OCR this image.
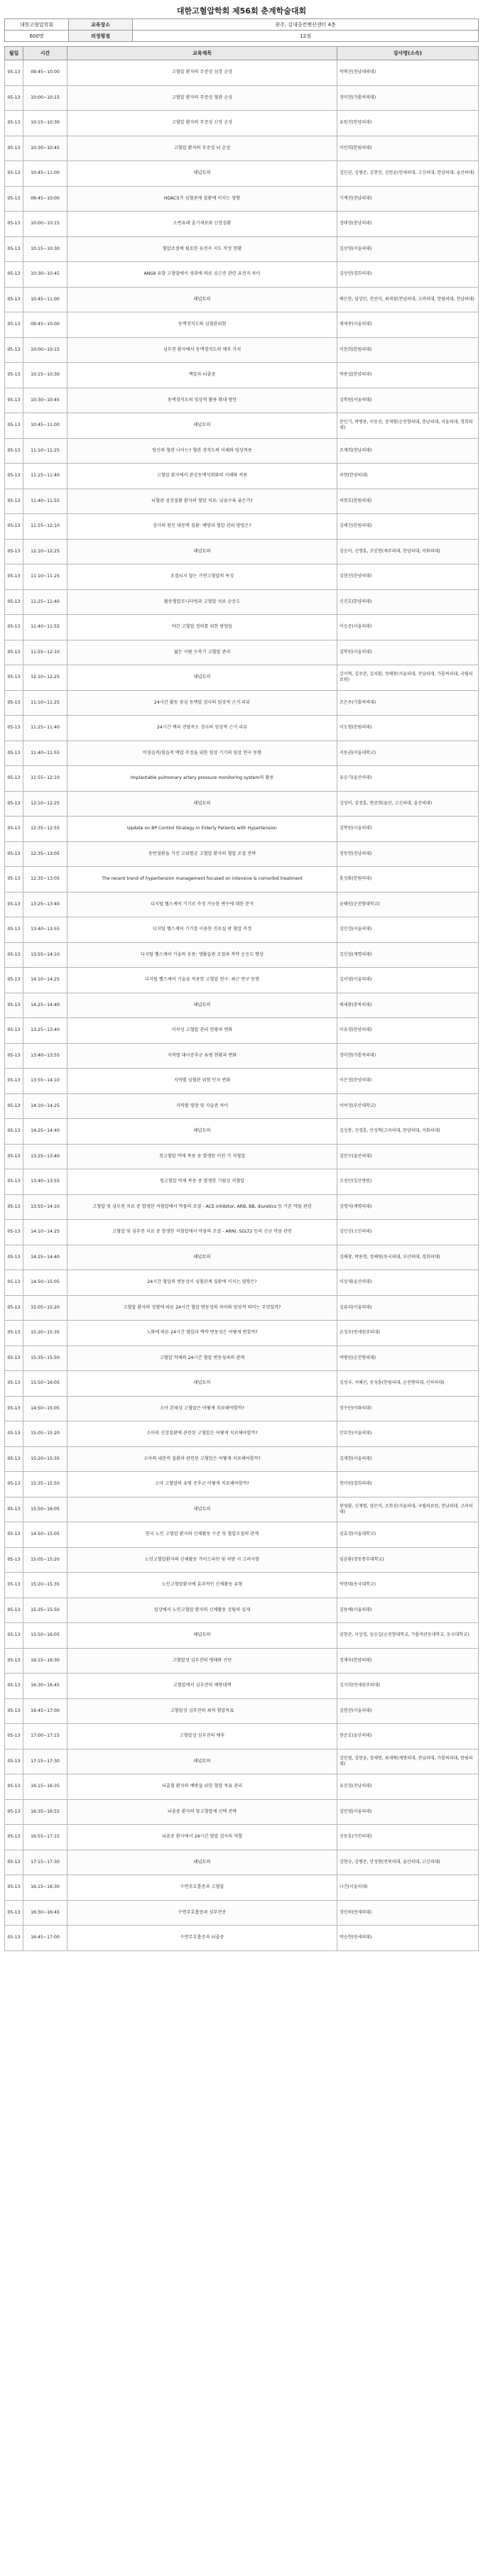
대한고혈압학회 제56회 춘계학술대회
대한고혈압학회	교육장소	광주, 김대중컨벤션센터 4층
600명	의정평점	12점
월일	시간	교육제목	강사명(소속)
05-13	09:45~10:00	고혈압 환자의 무증상 심장 손상	박혁진(전남대의대)
05-13	10:00~10:15	고혈압 환자의 무증상 혈관 손상	정미현(가톨릭의대)
05-13	10:15~10:30	고혈압 환자의 무증상 신장 손상	유원진(한양의대)
05-13	10:30~10:45	고혈압 환자의 무증상 뇌 손상	이민희(한림의대)
05-13	10:45~11:00	패널토의	김민권, 김병준, 김현진, 김현윤(연세의대, 고신의대, 한양의대, 울산의대)
05-13	09:45~10:00	HDAC5가 심혈관계 질환에 미치는 영향	기계진(전남의대)
05-13	10:00~10:15	소변유래 줄기세포와 신장질환	정태영(충남의대)
05-13	10:15~10:30	혈압조절에 필요한 유전자 지도 작성 현황	김선영(서울의대)
05-13	10:30~10:45	ANGⅡ 유발 고혈압에서 생쥐에 따른 심근증 관련 유전자 차이	김상연(경희의대)
05-13	10:45~11:00	패널토의	배은한, 임상민, 전선미, 최재철(전남의대, 고려의대, 한림의대, 전남의대)
05-13	09:45~10:00	동맥경직도와 심혈관위험	채세종(서울의대)
05-13	10:00~10:15	심부전 환자에서 동맥경직도의 예후 가치	이찬희(한림의대)
05-13	10:15~10:30	맥압과 뇌졸중	박종섭(한양의대)
05-13	10:30~10:45	동맥경직도의 임상적 활용 확대 방안	김학원(서울의대)
05-13	10:45~11:00	패널토의	문민기, 박병용, 이동선, 장재형(순천향의대, 충남의대, 서울의대, 경희의대)
05-13	11:10~11:25	당신의 혈관 나이는? 혈관 경직도의 이해와 임상적용	조재희(전남의대)
05-13	11:25~11:40	고혈압 환자에서 관상동맥석회화의 이해와 적용	허현(한양의대)
05-13	11:40~11:55	뇌혈관 심장질환 환자의 혈압 치료: 낮을수록 좋은가?	허현호(한림의대)
05-13	11:55~12:10	검사의 원인 대동맥 질환: 예방과 혈압 관리 방법은?	김해진(한림의대)
05-13	12:10~12:25	패널토의	김승미, 신명훈, 조인현(제주의대, 한양의대, 이화의대)
05-13	11:10~11:25	조절되지 않는 가면고혈압의 특징	김현진(한양의대)
05-13	11:25~11:40	활동혈압모니터링과 고혈압 치료 순응도	신진호(한양의대)
05-13	11:40~11:55	야간 고혈압 정의를 위한 방법들	이승준(서울의대)
05-13	11:55~12:10	젊은 사람 수축기 고혈압 관리	김학원(서울의대)
05-13	12:10~12:25	패널토의	강서혁, 김주찬, 김치환, 정해봉(서울의대, 전남의대, 가톨릭의대, 국립의료원)
05-13	11:10~11:25	24시간 활동 중심 동맥압 검사의 임상적 근거 리뷰	조은주(가톨릭의대)
05-13	11:25~11:40	24시간 맥파 전달속도 검사의 임상적 근거 리뷰	이도형(한림의대)
05-13	11:40~11:55	비침습적/침습적 맥압 측정을 위한 임상 기기의 임상 연구 동향	서동권(서울대학교)
05-13	11:55~12:10	Implantable pulmonary artery pressure monitoring system의 활용	유승기(울산의대)
05-13	12:10~12:25	패널토의	강성익, 김정훈, 현준희(울산, 고신의대, 울산의대)
05-13	12:35~12:55	Update on BP Control Strategy in Elderly Patients with Hypertension	김학원(서울의대)
05-13	12:35~13:05	동반질환을 가진 고위험군 고혈압 환자의 혈압 조절 전략	정동현(전남의대)
05-13	12:35~13:05	The recent trend of hypertension management focused on intensive & comorbid treatment	홍성화(한림의대)
05-13	13:25~13:40	디지털 헬스케어 기기로 측정 가능한 변수에 대한 분석	윤혜원(순천향대학교)
05-13	13:40~13:55	디지털 헬스케어 기기를 이용한 진료실 밖 혈압 측정	김민정(서울의대)
05-13	13:55~14:10	디지털 헬스케어 기술의 응용: 생활습관 조절과 복약 순응도 향상	김인철(계명의대)
05-13	14:10~14:25	디지털 헬스케어 기술을 적용한 고혈압 연구: 최근 연구 동향	김서영(서울의대)
05-13	14:25~14:40	패널토의	배세환(충북의대)
05-13	13:25~13:40	이차성 고혈압 관리 현황과 변화	이유경(한양의대)
05-13	13:40~13:55	지역별 대사증후군 유병 현황과 변화	정미현(가톨릭의대)
05-13	13:55~14:10	지역별 심혈관 위험 인자 변화	이은정(한양의대)
05-13	14:10~14:25	지역별 영양 및 식습관 차이	이여정(부산대학교)
05-13	14:25~14:40	패널토의	김성봉, 신경훈, 안성혁(고려의대, 한양의대, 이화의대)
05-13	13:25~13:40	청고혈압 약제 복용 중 발생한 이런 기 저혈압	김민수(울산의대)
05-13	13:40~13:55	청고혈압 약제 복용 중 발생한 기립성 저혈압	조영민(일산병원)
05-13	13:55~14:10	고혈압 및 심부전 치료 중 발생한 저혈압에서 약물의 조절 - ACE inhibitor, ARB, BB, diuretics 등 기존 약물 관련	김명석(계명의대)
05-13	14:10~14:25	고혈압 및 심부전 치료 중 발생한 저혈압에서 약물의 조절 - ARNI, SGLT2 등의 신규 약물 관련	김민상(고신의대)
05-13	14:25~14:40	패널토의	김해창, 박용현, 정해원(동국의대, 부산의대, 경희의대)
05-13	14:50~15:05	24시간 혈압의 변동성이 심혈관계 질환에 미치는 영향은?	이상재(울산의대)
05-13	15:05~15:20	고혈압 환자의 성별에 따른 24시간 혈압 변동성의 차이와 임상적 의미는 무엇일까?	김유리(서울의대)
05-13	15:20~15:35	노화에 따른 24시간 혈압과 맥박 변동성은 어떻게 변할까?	손정우(연세원주의대)
05-13	15:35~15:50	고혈압 약제와 24시간 혈압 변동성과의 관계	박병원(순천향의대)
05-13	15:50~16:05	패널토의	김성국, 서혜선, 송성훈(한림의대, 순천향의대, 인하의대)
05-13	14:50~15:05	소아 본태성 고혈압은 어떻게 치료해야할까?	정수민(이화의대)
05-13	15:05~15:20	소아의 신장질환에 관련된 고혈압은 어떻게 치료해야할까?	안요한(서울의대)
05-13	15:20~15:35	소아의 내분비 질환과 관련된 고혈압은 어떻게 치료해야할까?	김재현(서울의대)
05-13	15:35~15:50	소아 고혈압의 유병 증후군 어떻게 치료해야할까?	현미원(경희의대)
05-13	15:50~16:05	패널토의	봉영환, 신재형, 양은미, 조희진(서울의대, 국립의료원, 전남의대, 고려의대)
05-13	14:50~15:05	한국 노인 고혈압 환자의 신체활동 수준 및 혈압조절의 관계	권효경(서울대학교)
05-13	15:05~15:20	노인고혈압환자의 신체활동 가이드라인 및 처방 시 고려사항	임윤환(경동통무대학교)
05-13	15:20~15:35	노인고혈압환자에 효과적인 신체활동 유형	박현태(동국대학교)
05-13	15:35~15:50	임상에서 노인고혈압 환자의 신체활동 상담의 실제	김용배(서울의대)
05-13	15:50~16:05	패널토의	권현준, 이상경, 임승길(순천향대학교, 가톨릭관동대학교, 동국대학교)
05-13	16:15~16:30	고혈압성 심부전의 병태와 진단	정재욱(한양의대)
05-13	16:30~16:45	고혈압에서 심부전의 예방대책	김지희(연세원주의대)
05-13	16:45~17:00	고혈압성 심부전의 최적 혈압목표	김현진(서울의대)
05-13	17:00~17:15	고혈압성 심부전의 예후	현준호(울산의대)
05-13	17:15~17:30	패널토의	김민철, 김현웅, 정재현, 최재혁(계명의대, 전남의대, 가톨릭의대, 한림의대)
05-13	16:15~16:35	뇌출혈 환자의 예방을 위한 혈압 목표 관리	유진경(전남의대)
05-13	16:35~16:55	뇌졸중 환자의 항고혈압제 선택 전략	김민영(서울의대)
05-13	16:55~17:15	뇌졸중 환자에서 24시간 혈압 검사의 역할	신동훈(가천의대)
05-13	17:15~17:30	패널토의	강현규, 김병준, 안성현(전북의대, 울산의대, 고신의대)
05-13	16:15~16:30	수면무호흡증과 고혈압	나건(서울의대)
05-13	16:30~16:45	수면무호흡증과 심부전증	정인하(연세의대)
05-13	16:45~17:00	수면무호흡증과 뇌졸중	박승현(연세의대)
